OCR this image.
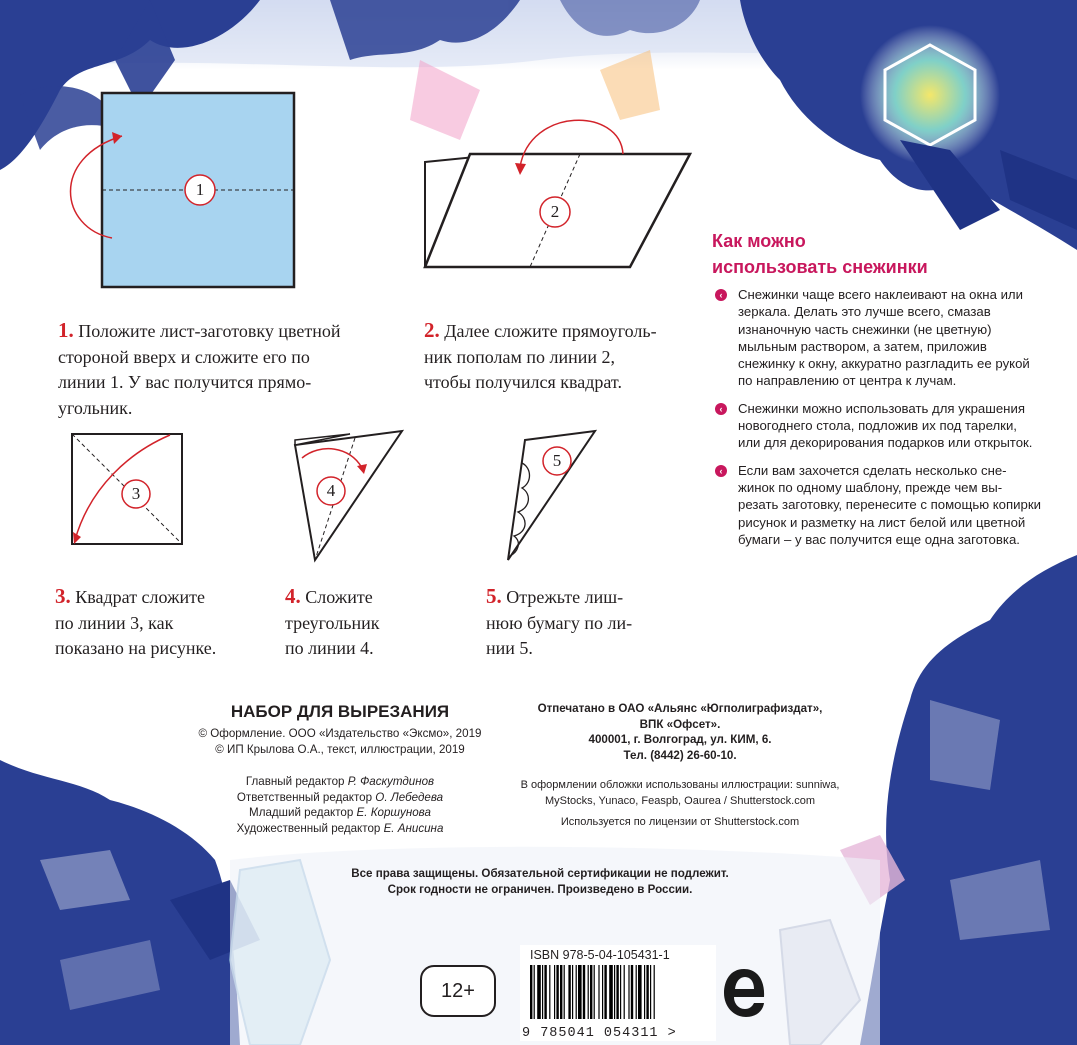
1
2
1. Положите лист-заготовку цветной
стороной вверх и сложите его по
линии 1. У вас получится прямо-
угольник.
2. Далее сложите прямоуголь-
ник пополам по линии 2,
чтобы получился квадрат.
3	4
5
3. Квадрат сложите
по линии 3, как
показано на рисунке.
4. Сложите
треугольник
по линии 4.
5. Отрежьте лиш-
нюю бумагу по ли-
нии 5.
Как можно
использовать снежинки
‹	Снежинки чаще всего наклеивают на окна или зеркала. Делать это лучше всего, смазав изнаночную часть снежинки (не цветную) мыльным раствором, а затем, приложив снежинку к окну, аккуратно разгладить ее рукой по направлению от центра к лучам.
‹	Снежинки можно использовать для украшения новогоднего стола, подложив их под тарелки, или для декорирования подарков или открыток.
‹	Если вам захочется сделать несколько сне-жинок по одному шаблону, прежде чем вы-резать заготовку, перенесите с помощью копирки рисунок и разметку на лист белой или цветной бумаги – у вас получится еще одна заготовка.
НАБОР ДЛЯ ВЫРЕЗАНИЯ
© Оформление. ООО «Издательство «Эксмо», 2019
© ИП Крылова О.А., текст, иллюстрации, 2019
Главный редактор Р. Фаскутдинов
Ответственный редактор О. Лебедева
Младший редактор Е. Коршунова
Художественный редактор Е. Анисина
Отпечатано в ОАО «Альянс «Югполиграфиздат»,
ВПК «Офсет».
400001, г. Волгоград, ул. КИМ, 6.
Тел. (8442) 26-60-10.
В оформлении обложки использованы иллюстрации: sunniwa,
MyStocks, Yunaco, Feaspb, Oaurea / Shutterstock.com
Используется по лицензии от Shutterstock.com
Все права защищены. Обязательной сертификации не подлежит.
Срок годности не ограничен. Произведено в России.
12+
ISBN 978-5-04-105431-1
9 785041 054311 >
